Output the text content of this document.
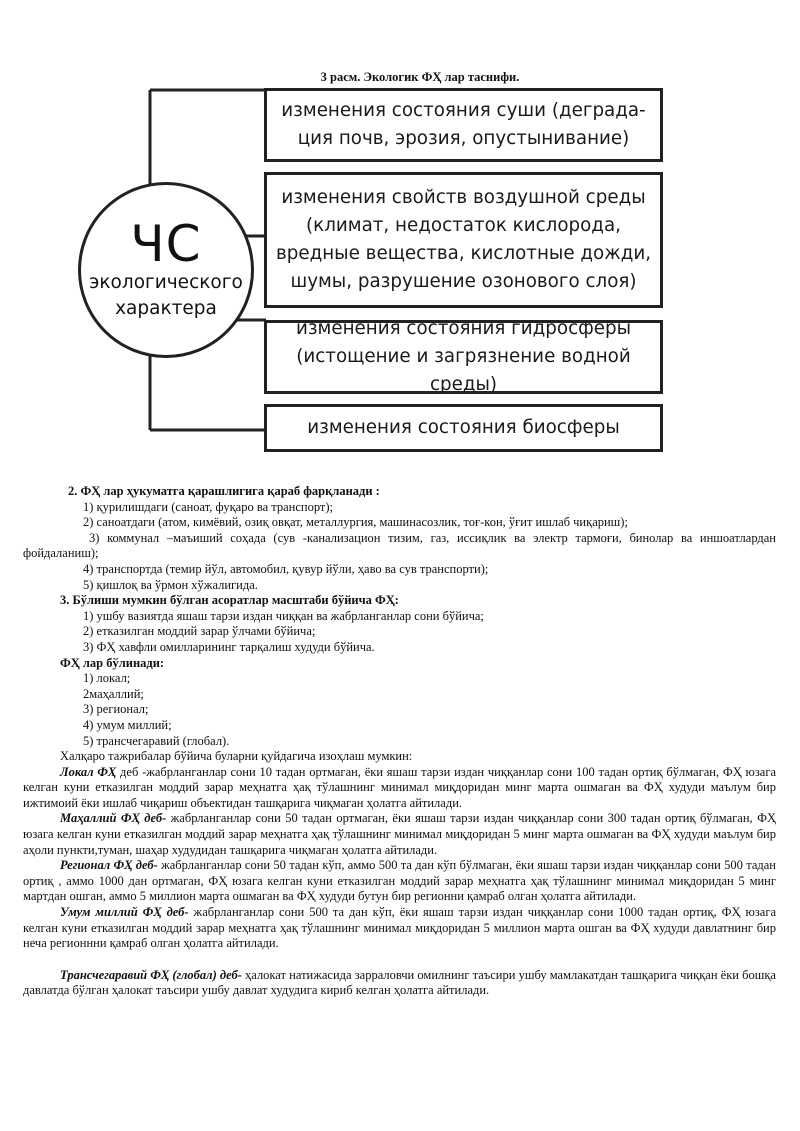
3 расм. Экологик ФҲ лар таснифи.
ЧС
экологического
характера
изменения состояния суши (деграда-ция почв, эрозия, опустынивание)
изменения свойств воздушной среды (климат, недостаток кислорода, вредные вещества, кислотные дожди, шумы, разрушение озонового слоя)
изменения состояния гидросферы (истощение и загрязнение водной среды)
изменения состояния биосферы

2. ФҲ лар ҳукуматга қарашлигига қараб фарқланади :

1) қурилишдаги (саноат, фуқаро ва транспорт);

2) саноатдаги (атом, кимёвий, озиқ овқат, металлургия, машинасозлик, тоғ-кон, ўғит ишлаб чиқариш);

3) коммунал –маъиший соҳада (сув -канализацион тизим, газ, иссиқлик ва электр тармоғи, бинолар ва иншоатлардан фойдаланиш);

4) транспортда (темир йўл, автомобил, қувур йўли, ҳаво ва сув транспорти);

5) қишлоқ ва ўрмон хўжалигида.

3. Бўлиши мумкин бўлган асоратлар масштаби бўйича ФҲ:

1) ушбу вазиятда яшаш тарзи издан чиққан ва жабрланганлар сони бўйича;

2) етказилган моддий зарар ўлчами бўйича;

3) ФҲ хавфли омилларининг тарқалиш худуди бўйича.

ФҲ лар бўлинади:

1) локал;

2маҳаллий;

3) регионал;

4) умум миллий;

5) трансчегаравий (глобал).

Халқаро тажрибалар бўйича буларни қуйдагича изоҳлаш мумкин:

Локал ФҲ деб -жабрланганлар сони 10 тадан ортмаган, ёки яшаш тарзи издан чиққанлар сони 100 тадан ортиқ бўлмаган, ФҲ юзага келган куни етказилган моддий зарар меҳнатга ҳақ тўлашнинг минимал миқдоридан минг марта ошмаган ва ФҲ худуди маълум бир ижтимоий ёки ишлаб чиқариш объектидан ташқарига чиқмаган ҳолатга айтилади.

Маҳаллий ФҲ деб- жабрланганлар сони 50 тадан ортмаган, ёки яшаш тарзи издан чиққанлар сони 300 тадан ортиқ бўлмаган, ФҲ юзага келган куни етказилган моддий зарар меҳнатга ҳақ тўлашнинг минимал миқдоридан 5 минг марта ошмаган ва ФҲ худуди маълум бир аҳоли пункти,туман, шаҳар худудидан ташқарига чиқмаган ҳолатга айтилади.

Регионал ФҲ деб- жабрланганлар сони 50 тадан кўп, аммо 500 та дан кўп бўлмаган, ёки яшаш тарзи издан чиққанлар сони 500 тадан ортиқ , аммо 1000 дан ортмаган, ФҲ юзага келган куни етказилган моддий зарар меҳнатга ҳақ тўлашнинг минимал миқдоридан 5 минг мартдан ошган, аммо 5 миллион марта ошмаган ва ФҲ худуди бутун бир регионни қамраб олган ҳолатга айтилади.

Умум миллий ФҲ деб- жабрланганлар сони 500 та дан кўп, ёки яшаш тарзи издан чиққанлар сони 1000 тадан ортиқ, ФҲ юзага келган куни етказилган моддий зарар меҳнатга ҳақ тўлашнинг минимал миқдоридан 5 миллион марта ошган ва ФҲ худуди давлатнинг бир неча регионнни қамраб олган ҳолатга айтилади.

Трансчегаравий ФҲ (глобал) деб- ҳалокат натижасида зарраловчи омилнинг таъсири ушбу мамлакатдан ташқарига чиққан ёки бошқа давлатда бўлган ҳалокат таъсири ушбу давлат худудига кириб келган ҳолатга айтилади.
